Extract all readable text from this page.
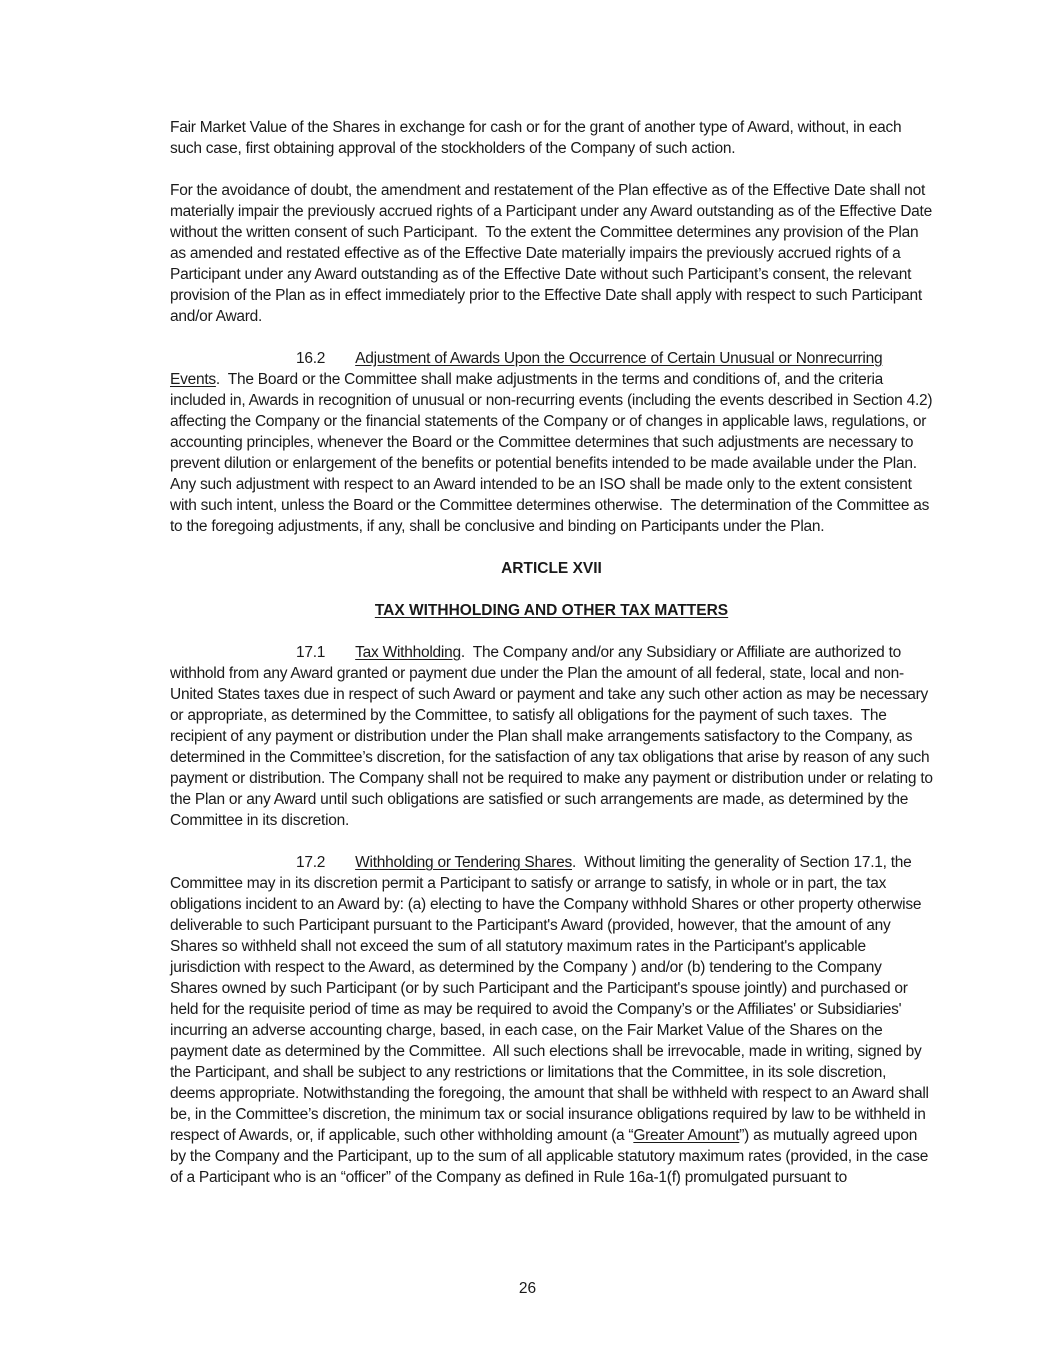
Fair Market Value of the Shares in exchange for cash or for the grant of another type of Award, without, in each such case, first obtaining approval of the stockholders of the Company of such action.

For the avoidance of doubt, the amendment and restatement of the Plan effective as of the Effective Date shall not materially impair the previously accrued rights of a Participant under any Award outstanding as of the Effective Date without the written consent of such Participant.  To the extent the Committee determines any provision of the Plan as amended and restated effective as of the Effective Date materially impairs the previously accrued rights of a Participant under any Award outstanding as of the Effective Date without such Participant’s consent, the relevant provision of the Plan as in effect immediately prior to the Effective Date shall apply with respect to such Participant and/or Award.

16.2 Adjustment of Awards Upon the Occurrence of Certain Unusual or Nonrecurring Events.  The Board or the Committee shall make adjustments in the terms and conditions of, and the criteria included in, Awards in recognition of unusual or non-recurring events (including the events described in Section 4.2) affecting the Company or the financial statements of the Company or of changes in applicable laws, regulations, or accounting principles, whenever the Board or the Committee determines that such adjustments are necessary to prevent dilution or enlargement of the benefits or potential benefits intended to be made available under the Plan.  Any such adjustment with respect to an Award intended to be an ISO shall be made only to the extent consistent with such intent, unless the Board or the Committee determines otherwise.  The determination of the Committee as to the foregoing adjustments, if any, shall be conclusive and binding on Participants under the Plan.

ARTICLE XVII
TAX WITHHOLDING AND OTHER TAX MATTERS

17.1 Tax Withholding.  The Company and/or any Subsidiary or Affiliate are authorized to withhold from any Award granted or payment due under the Plan the amount of all federal, state, local and non-United States taxes due in respect of such Award or payment and take any such other action as may be necessary or appropriate, as determined by the Committee, to satisfy all obligations for the payment of such taxes.  The recipient of any payment or distribution under the Plan shall make arrangements satisfactory to the Company, as determined in the Committee’s discretion, for the satisfaction of any tax obligations that arise by reason of any such payment or distribution. The Company shall not be required to make any payment or distribution under or relating to the Plan or any Award until such obligations are satisfied or such arrangements are made, as determined by the Committee in its discretion.

17.2 Withholding or Tendering Shares.  Without limiting the generality of Section 17.1, the Committee may in its discretion permit a Participant to satisfy or arrange to satisfy, in whole or in part, the tax obligations incident to an Award by: (a) electing to have the Company withhold Shares or other property otherwise deliverable to such Participant pursuant to the Participant's Award (provided, however, that the amount of any Shares so withheld shall not exceed the sum of all statutory maximum rates in the Participant's applicable jurisdiction with respect to the Award, as determined by the Company ) and/or (b) tendering to the Company Shares owned by such Participant (or by such Participant and the Participant's spouse jointly) and purchased or held for the requisite period of time as may be required to avoid the Company’s or the Affiliates' or Subsidiaries' incurring an adverse accounting charge, based, in each case, on the Fair Market Value of the Shares on the payment date as determined by the Committee.  All such elections shall be irrevocable, made in writing, signed by the Participant, and shall be subject to any restrictions or limitations that the Committee, in its sole discretion, deems appropriate. Notwithstanding the foregoing, the amount that shall be withheld with respect to an Award shall be, in the Committee’s discretion, the minimum tax or social insurance obligations required by law to be withheld in respect of Awards, or, if applicable, such other withholding amount (a “Greater Amount”) as mutually agreed upon by the Company and the Participant, up to the sum of all applicable statutory maximum rates (provided, in the case of a Participant who is an “officer” of the Company as defined in Rule 16a-1(f) promulgated pursuant to

26
